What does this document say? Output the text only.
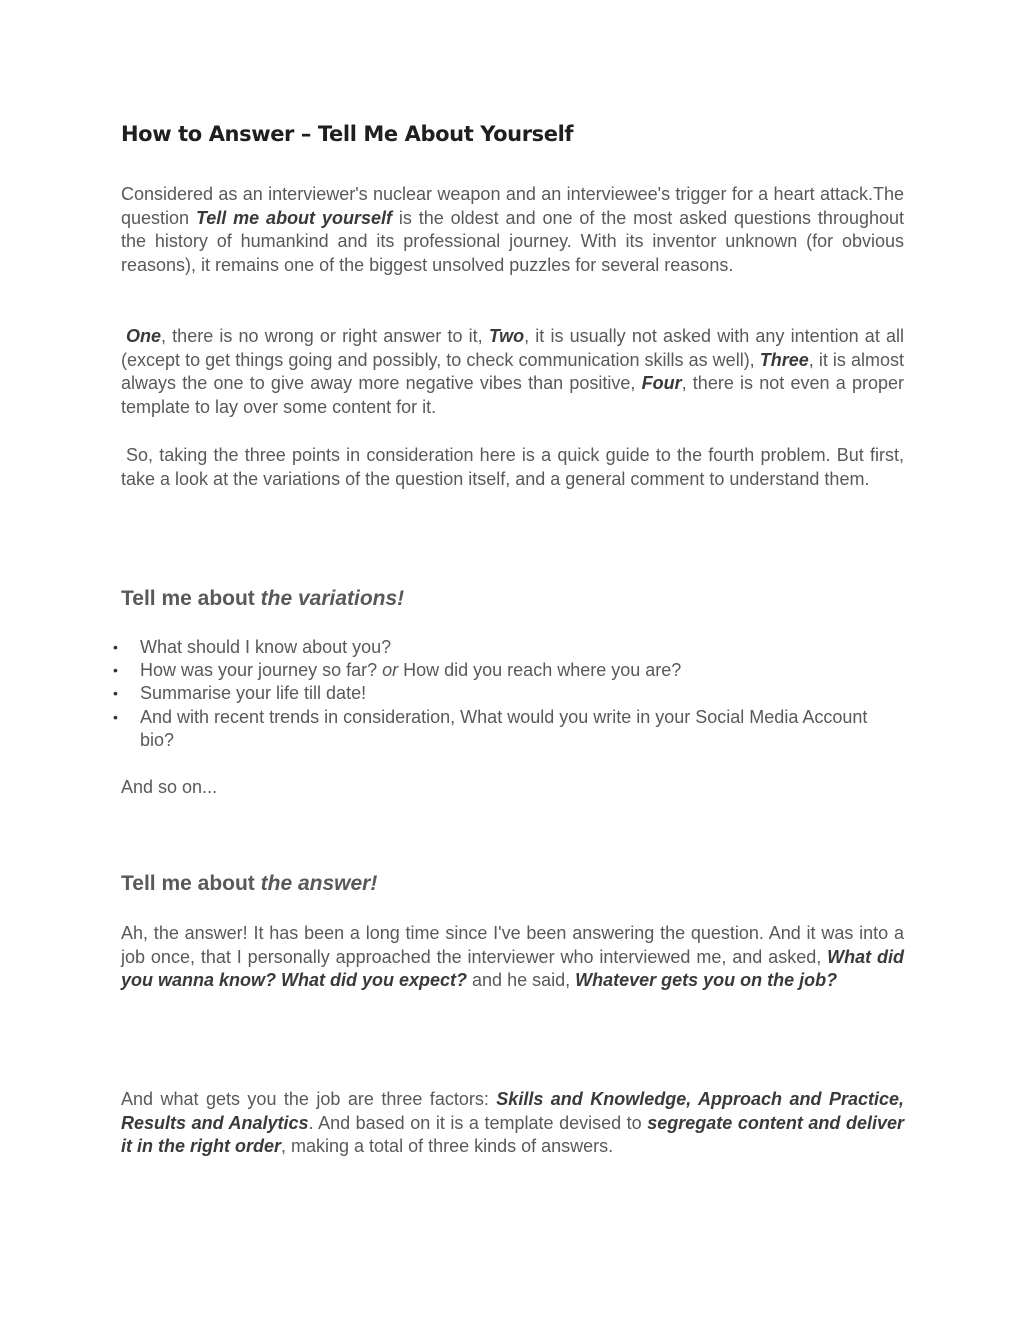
How to Answer – Tell Me About Yourself

Considered as an interviewer's nuclear weapon and an interviewee's trigger for a heart attack.The question Tell me about yourself is the oldest and one of the most asked questions throughout the history of humankind and its professional journey. With its inventor unknown (for obvious reasons), it remains one of the biggest unsolved puzzles for several reasons.

One, there is no wrong or right answer to it, Two, it is usually not asked with any intention at all (except to get things going and possibly, to check communication skills as well), Three, it is almost always the one to give away more negative vibes than positive, Four, there is not even a proper template to lay over some content for it.

So, taking the three points in consideration here is a quick guide to the fourth problem. But first, take a look at the variations of the question itself, and a general comment to understand them.

Tell me about the variations!
• What should I know about you?
• How was your journey so far? or How did you reach where you are?
• Summarise your life till date!
• And with recent trends in consideration, What would you write in your Social Media Account bio?

And so on...

Tell me about the answer!

Ah, the answer! It has been a long time since I've been answering the question. And it was into a job once, that I personally approached the interviewer who interviewed me, and asked, What did you wanna know? What did you expect? and he said, Whatever gets you on the job?

And what gets you the job are three factors: Skills and Knowledge, Approach and Practice, Results and Analytics. And based on it is a template devised to segregate content and deliver it in the right order, making a total of three kinds of answers.
